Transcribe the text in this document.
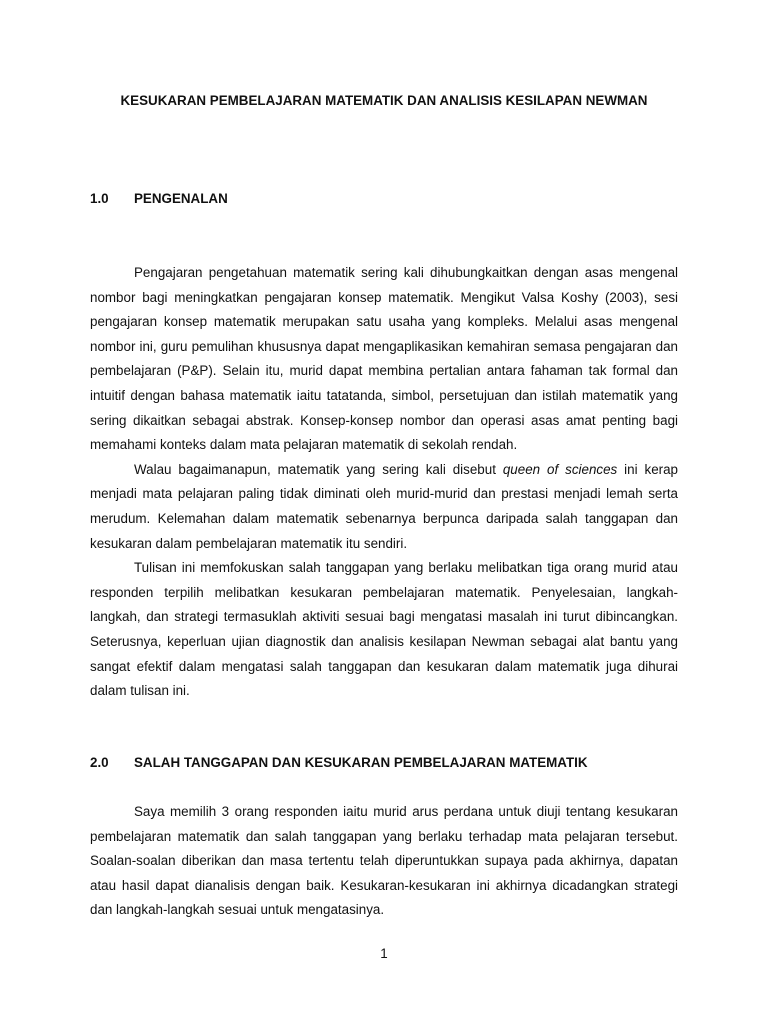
KESUKARAN PEMBELAJARAN MATEMATIK DAN ANALISIS KESILAPAN NEWMAN
1.0 PENGENALAN

Pengajaran pengetahuan matematik sering kali dihubungkaitkan dengan asas mengenal nombor bagi meningkatkan pengajaran konsep matematik. Mengikut Valsa Koshy (2003), sesi pengajaran konsep matematik merupakan satu usaha yang kompleks. Melalui asas mengenal nombor ini, guru pemulihan khususnya dapat mengaplikasikan kemahiran semasa pengajaran dan pembelajaran (P&P). Selain itu, murid dapat membina pertalian antara fahaman tak formal dan intuitif dengan bahasa matematik iaitu tatatanda, simbol, persetujuan dan istilah matematik yang sering dikaitkan sebagai abstrak. Konsep-konsep nombor dan operasi asas amat penting bagi memahami konteks dalam mata pelajaran matematik di sekolah rendah.

Walau bagaimanapun, matematik yang sering kali disebut queen of sciences ini kerap menjadi mata pelajaran paling tidak diminati oleh murid-murid dan prestasi menjadi lemah serta merudum. Kelemahan dalam matematik sebenarnya berpunca daripada salah tanggapan dan kesukaran dalam pembelajaran matematik itu sendiri.

Tulisan ini memfokuskan salah tanggapan yang berlaku melibatkan tiga orang murid atau responden terpilih melibatkan kesukaran pembelajaran matematik. Penyelesaian, langkah-langkah, dan strategi termasuklah aktiviti sesuai bagi mengatasi masalah ini turut dibincangkan. Seterusnya, keperluan ujian diagnostik dan analisis kesilapan Newman sebagai alat bantu yang sangat efektif dalam mengatasi salah tanggapan dan kesukaran dalam matematik juga dihurai dalam tulisan ini.

2.0 SALAH TANGGAPAN DAN KESUKARAN PEMBELAJARAN MATEMATIK

Saya memilih 3 orang responden iaitu murid arus perdana untuk diuji tentang kesukaran pembelajaran matematik dan salah tanggapan yang berlaku terhadap mata pelajaran tersebut. Soalan-soalan diberikan dan masa tertentu telah diperuntukkan supaya pada akhirnya, dapatan atau hasil dapat dianalisis dengan baik. Kesukaran-kesukaran ini akhirnya dicadangkan strategi dan langkah-langkah sesuai untuk mengatasinya.

1
